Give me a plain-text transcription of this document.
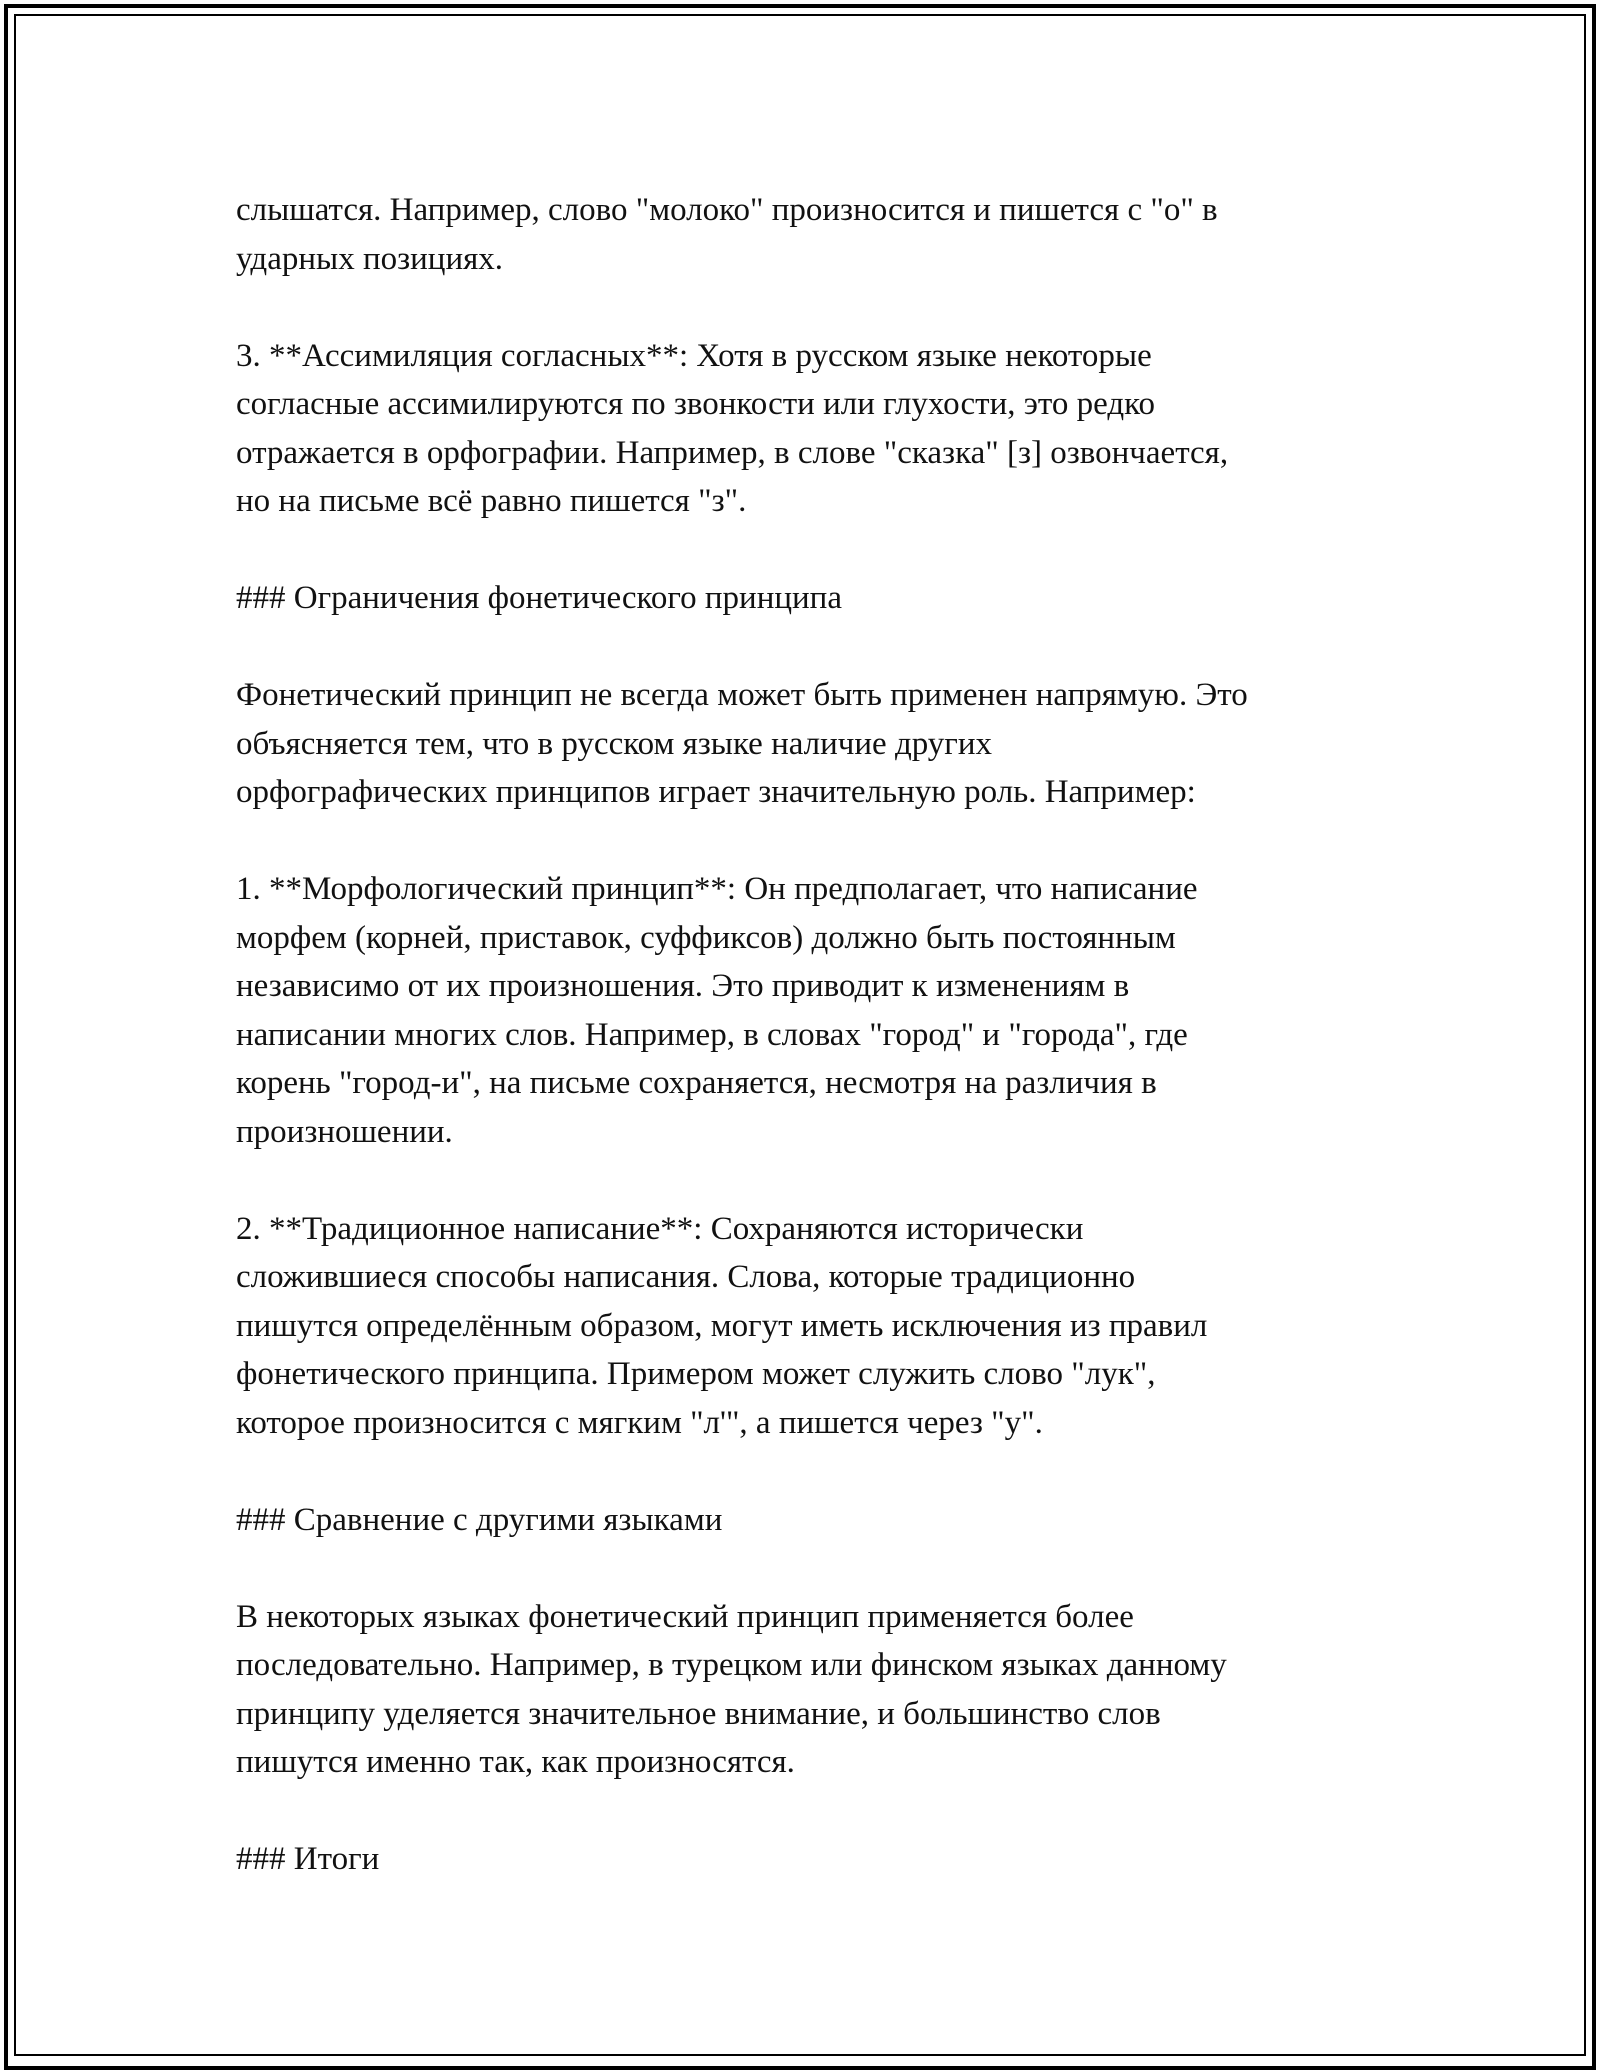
слышатся. Например, слово "молоко" произносится и пишется с "о" в
ударных позициях.

3. **Ассимиляция согласных**: Хотя в русском языке некоторые
согласные ассимилируются по звонкости или глухости, это редко
отражается в орфографии. Например, в слове "сказка" [з] озвончается,
но на письме всё равно пишется "з".

### Ограничения фонетического принципа

Фонетический принцип не всегда может быть применен напрямую. Это
объясняется тем, что в русском языке наличие других
орфографических принципов играет значительную роль. Например:

1. **Морфологический принцип**: Он предполагает, что написание
морфем (корней, приставок, суффиксов) должно быть постоянным
независимо от их произношения. Это приводит к изменениям в
написании многих слов. Например, в словах "город" и "города", где
корень "город-и", на письме сохраняется, несмотря на различия в
произношении.

2. **Традиционное написание**: Сохраняются исторически
сложившиеся способы написания. Слова, которые традиционно
пишутся определённым образом, могут иметь исключения из правил
фонетического принципа. Примером может служить слово "лук",
которое произносится с мягким "л'", а пишется через "у".

### Сравнение с другими языками

В некоторых языках фонетический принцип применяется более
последовательно. Например, в турецком или финском языках данному
принципу уделяется значительное внимание, и большинство слов
пишутся именно так, как произносятся.

### Итоги
